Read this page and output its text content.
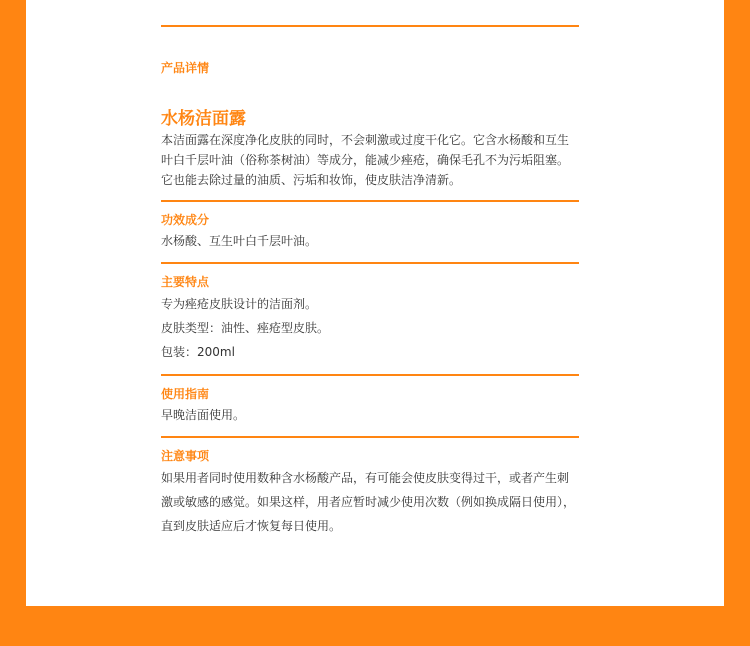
产品详情
水杨洁面露

本洁面露在深度净化皮肤的同时，不会刺激或过度干化它。它含水杨酸和互生叶白千层叶油（俗称茶树油）等成分，能减少痤疮，确保毛孔不为污垢阻塞。它也能去除过量的油质、污垢和妆饰，使皮肤洁净清新。

功效成分

水杨酸、互生叶白千层叶油。

主要特点

专为痤疮皮肤设计的洁面剂。

皮肤类型：油性、痤疮型皮肤。

包装：200ml

使用指南

早晚洁面使用。

注意事项

如果用者同时使用数种含水杨酸产品，有可能会使皮肤变得过干，或者产生刺激或敏感的感觉。如果这样，用者应暂时减少使用次数（例如换成隔日使用），直到皮肤适应后才恢复每日使用。
